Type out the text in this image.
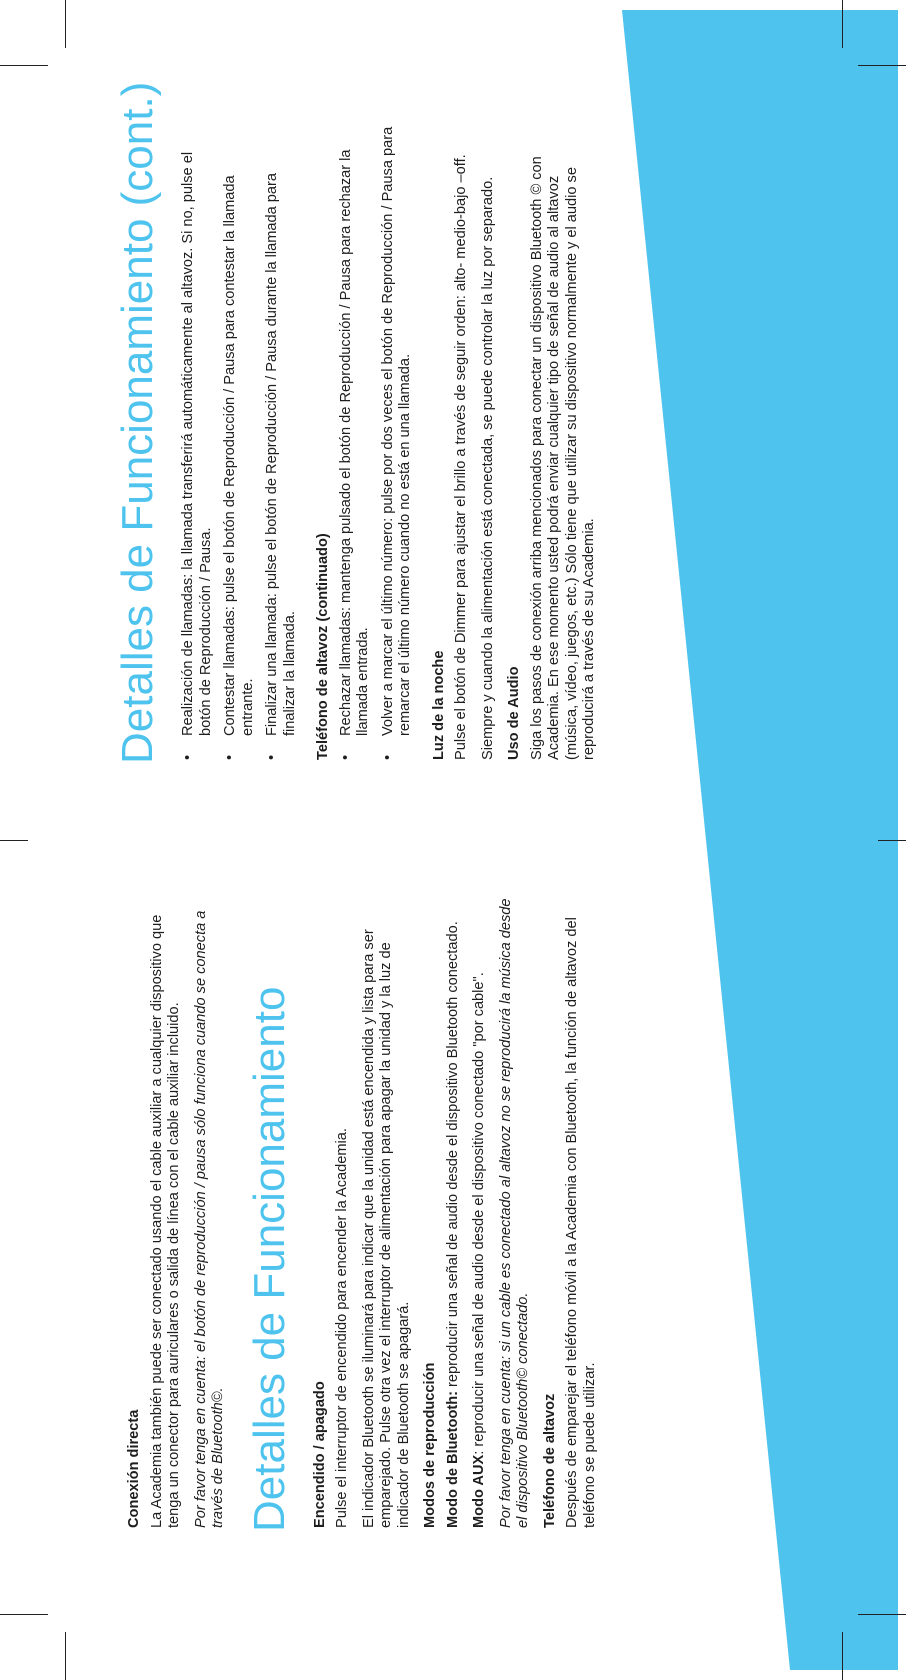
Conexión directa La Academia también puede ser conectado usando el cable auxiliar a cualquier dispositivo que tenga un conector para auriculares o salida de línea con el cable auxiliar incluido. Por favor tenga en cuenta: el botón de reproducción / pausa sólo funciona cuando se conecta a través de Bluetooth©. Detalles de Funcionamiento Encendido / apagado Pulse el interruptor de encendido para encender la Academia. El indicador Bluetooth se iluminará para indicar que la unidad está encendida y lista para ser emparejado. Pulse otra vez el interruptor de alimentación para apagar la unidad y la luz de indicador de Bluetooth se apagará. Modos de reproducción Modo de Bluetooth: reproducir una señal de audio desde el dispositivo Bluetooth conectado.

Modo AUX: reproducir una señal de audio desde el dispositivo conectado "por cable". Por favor tenga en cuenta: si un cable es conectado al altavoz no se reproducirá la música desde el dispositivo Bluetooth© conectado. Teléfono de altavoz Después de emparejar el teléfono móvil a la Academia con Bluetooth, la función de altavoz del teléfono se puede utilizar.

Detalles de Funcionamiento (cont.) •
Realización de llamadas: la llamada transferirá automáticamente al altavoz. Si no, pulse el botón de Reproducción / Pausa.
•
Contestar llamadas: pulse el botón de Reproducción / Pausa para contestar la llamada entrante.
•
Finalizar una llamada: pulse el botón de Reproducción / Pausa durante la llamada para finalizar la llamada. Teléfono de altavoz (continuado) •
Rechazar llamadas: mantenga pulsado el botón de Reproducción / Pausa para rechazar la llamada entrada.
•
Volver a marcar el último número: pulse por dos veces el botón de Reproducción / Pausa para remarcar el último número cuando no está en una llamada. Luz de la noche Pulse el botón de Dimmer para ajustar el brillo a través de seguir orden: alto- medio-bajo –off. Siempre y cuando la alimentación está conectada, se puede controlar la luz por separado. Uso de Audio Siga los pasos de conexión arriba mencionados para conectar un dispositivo Bluetooth © con Academia. En ese momento usted podrá enviar cualquier tipo de señal de audio al altavoz (música, vídeo, juegos, etc.) Sólo tiene que utilizar su dispositivo normalmente y el audio se reproducirá a través de su Academia.
